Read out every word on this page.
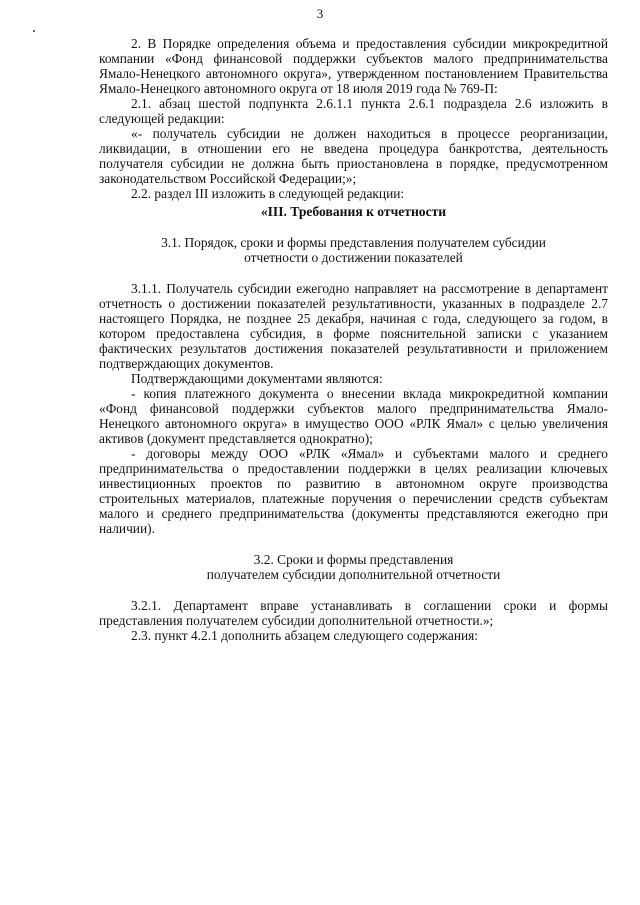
3

2. В Порядке определения объема и предоставления субсидии микрокредитной компании «Фонд финансовой поддержки субъектов малого предпринимательства Ямало-Ненецкого автономного округа», утвержденном постановлением Правительства Ямало-Ненецкого автономного округа от 18 июля 2019 года № 769-П:

2.1. абзац шестой подпункта 2.6.1.1 пункта 2.6.1 подраздела 2.6 изложить в следующей редакции:

«- получатель субсидии не должен находиться в процессе реорганизации, ликвидации, в отношении его не введена процедура банкротства, деятельность получателя субсидии не должна быть приостановлена в порядке, предусмотренном законодательством Российской Федерации;»;

2.2. раздел III изложить в следующей редакции:

«III. Требования к отчетности

3.1. Порядок, сроки и формы представления получателем субсидии

отчетности о достижении показателей

3.1.1. Получатель субсидии ежегодно направляет на рассмотрение в департамент отчетность о достижении показателей результативности, указанных в подразделе 2.7 настоящего Порядка, не позднее 25 декабря, начиная с года, следующего за годом, в котором предоставлена субсидия, в форме пояснительной записки с указанием фактических результатов достижения показателей результативности и приложением подтверждающих документов.

Подтверждающими документами являются:

- копия платежного документа о внесении вклада микрокредитной компании «Фонд финансовой поддержки субъектов малого предпринимательства Ямало-Ненецкого автономного округа» в имущество ООО «РЛК Ямал» с целью увеличения активов (документ представляется однократно);

- договоры между ООО «РЛК «Ямал» и субъектами малого и среднего предпринимательства о предоставлении поддержки в целях реализации ключевых инвестиционных проектов по развитию в автономном округе производства строительных материалов, платежные поручения о перечислении средств субъектам малого и среднего предпринимательства (документы представляются ежегодно при наличии).

3.2. Сроки и формы представления

получателем субсидии дополнительной отчетности

3.2.1. Департамент вправе устанавливать в соглашении сроки и формы представления получателем субсидии дополнительной отчетности.»;

2.3. пункт 4.2.1 дополнить абзацем следующего содержания:
